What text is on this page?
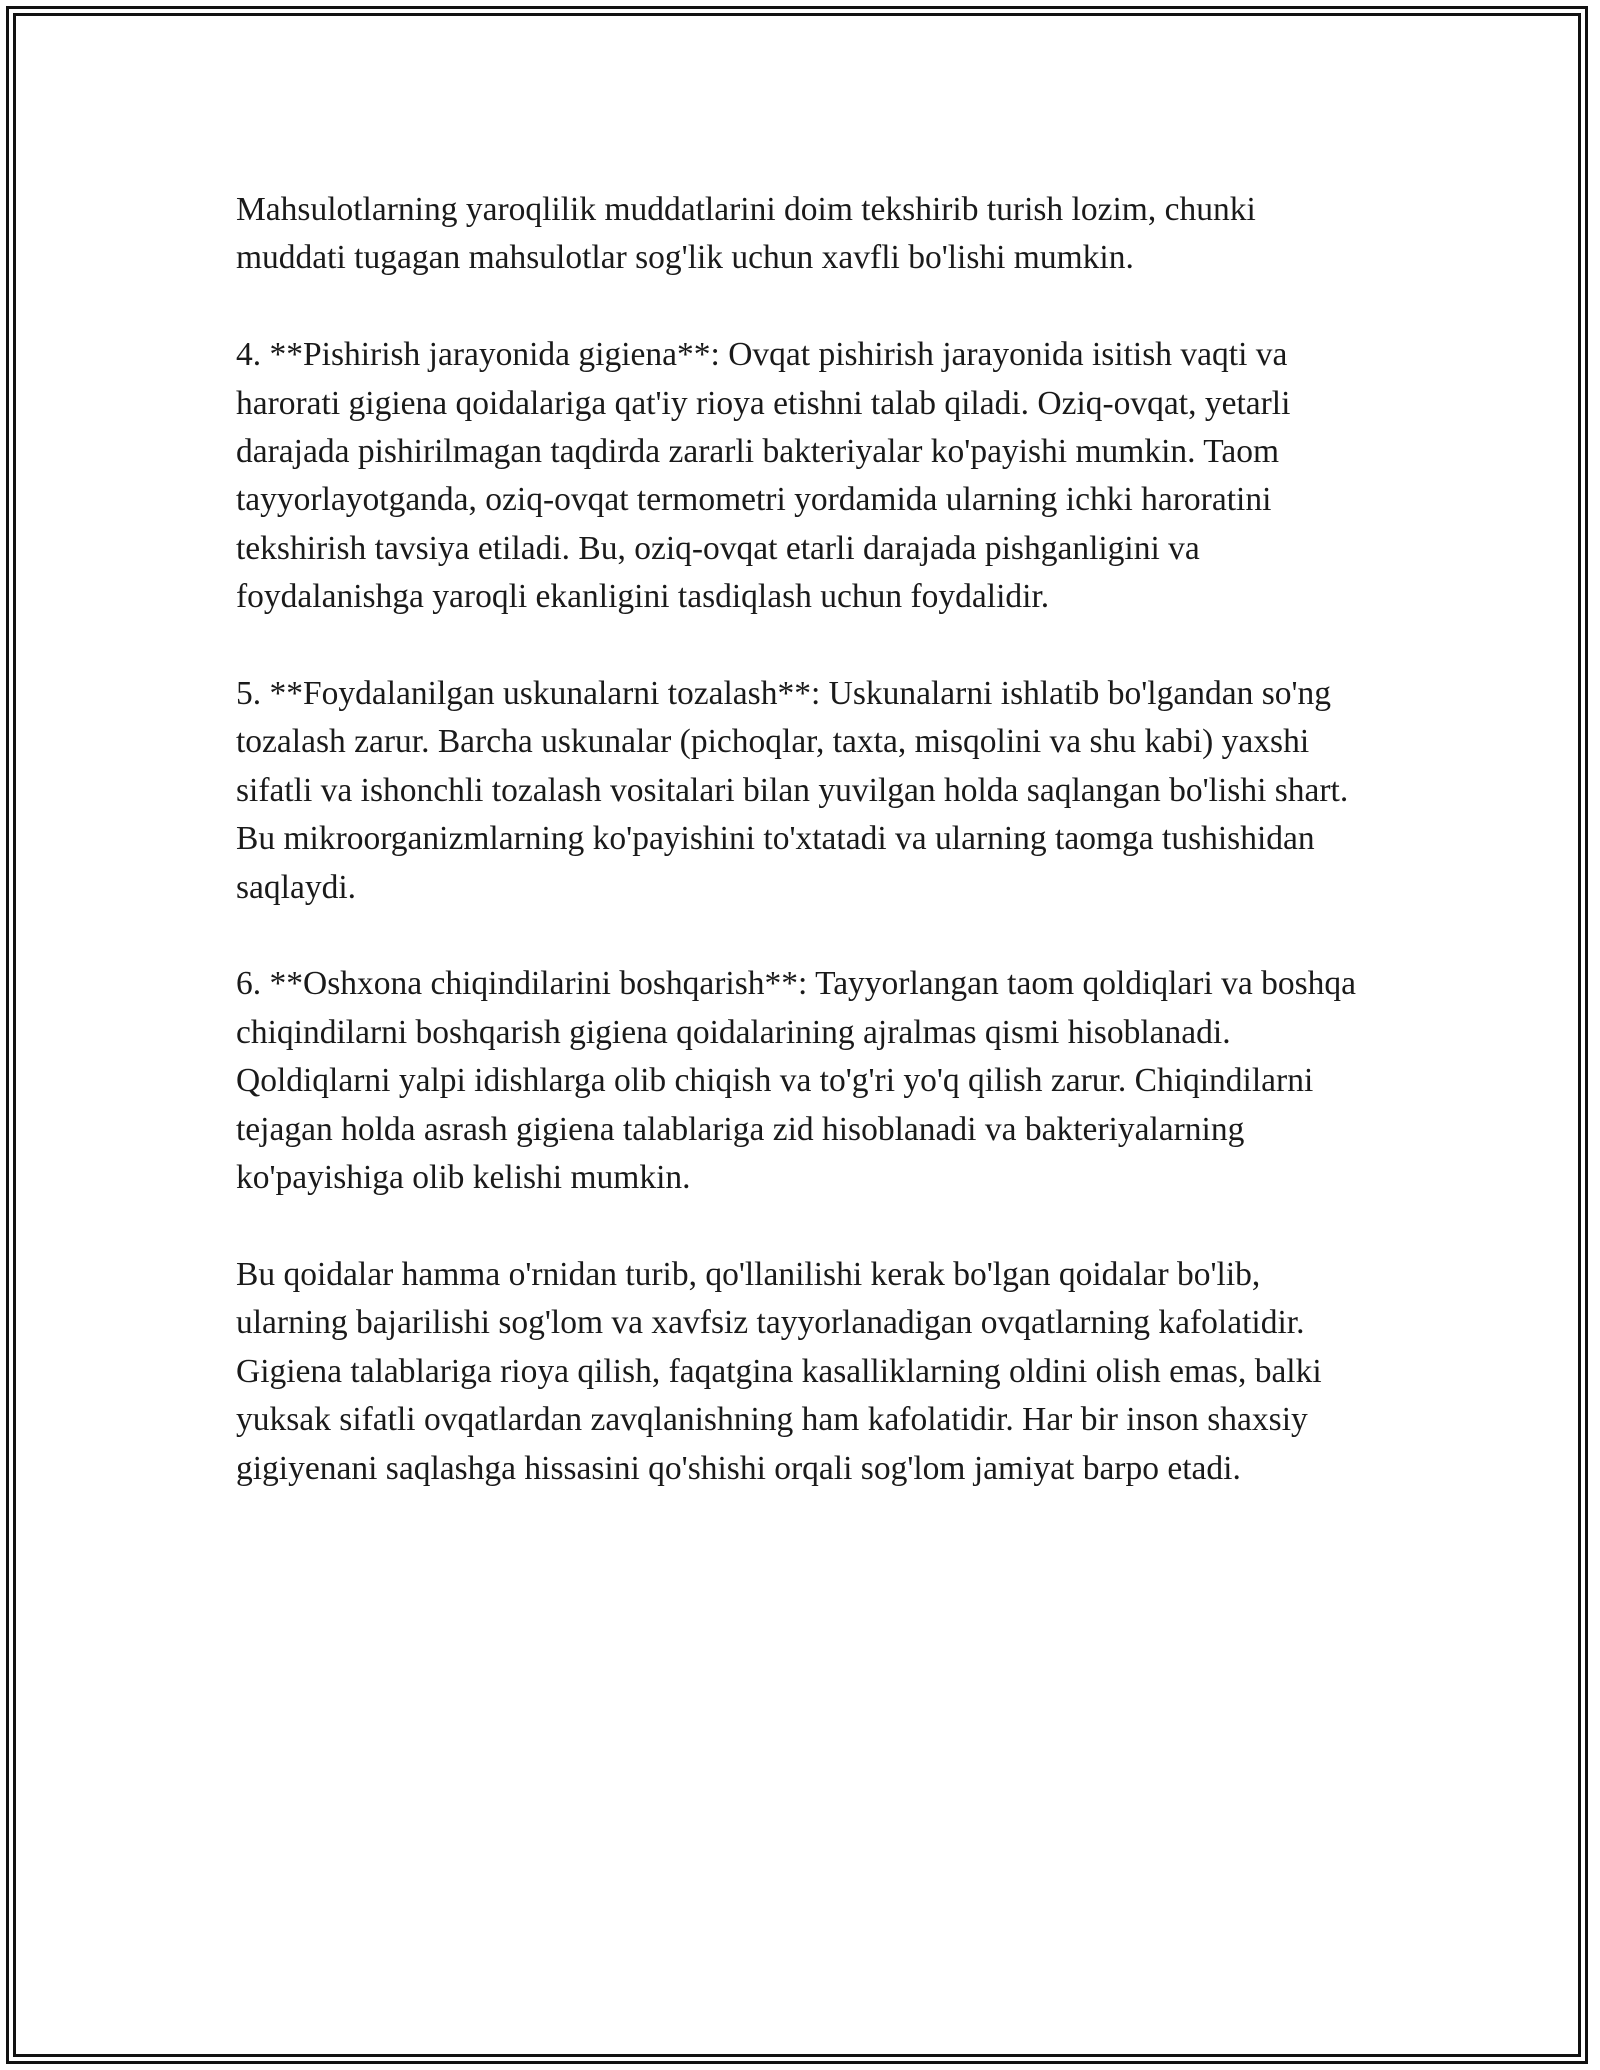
Mahsulotlarning yaroqlilik muddatlarini doim tekshirib turish lozim, chunki muddati tugagan mahsulotlar sog'lik uchun xavfli bo'lishi mumkin.

4. **Pishirish jarayonida gigiena**: Ovqat pishirish jarayonida isitish vaqti va harorati gigiena qoidalariga qat'iy rioya etishni talab qiladi. Oziq-ovqat, yetarli darajada pishirilmagan taqdirda zararli bakteriyalar ko'payishi mumkin. Taom tayyorlayotganda, oziq-ovqat termometri yordamida ularning ichki haroratini tekshirish tavsiya etiladi. Bu, oziq-ovqat etarli darajada pishganligini va foydalanishga yaroqli ekanligini tasdiqlash uchun foydalidir.

5. **Foydalanilgan uskunalarni tozalash**: Uskunalarni ishlatib bo'lgandan so'ng tozalash zarur. Barcha uskunalar (pichoqlar, taxta, misqolini va shu kabi) yaxshi sifatli va ishonchli tozalash vositalari bilan yuvilgan holda saqlangan bo'lishi shart. Bu mikroorganizmlarning ko'payishini to'xtatadi va ularning taomga tushishidan saqlaydi.

6. **Oshxona chiqindilarini boshqarish**: Tayyorlangan taom qoldiqlari va boshqa chiqindilarni boshqarish gigiena qoidalarining ajralmas qismi hisoblanadi. Qoldiqlarni yalpi idishlarga olib chiqish va to'g'ri yo'q qilish zarur. Chiqindilarni tejagan holda asrash gigiena talablariga zid hisoblanadi va bakteriyalarning ko'payishiga olib kelishi mumkin.

Bu qoidalar hamma o'rnidan turib, qo'llanilishi kerak bo'lgan qoidalar bo'lib, ularning bajarilishi sog'lom va xavfsiz tayyorlanadigan ovqatlarning kafolatidir. Gigiena talablariga rioya qilish, faqatgina kasalliklarning oldini olish emas, balki yuksak sifatli ovqatlardan zavqlanishning ham kafolatidir. Har bir inson shaxsiy gigiyenani saqlashga hissasini qo'shishi orqali sog'lom jamiyat barpo etadi.
